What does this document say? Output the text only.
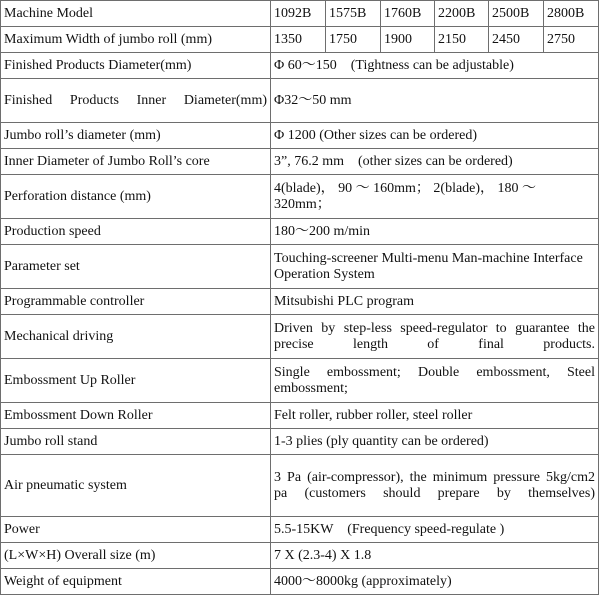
Machine Model	1092B	1575B	1760B	2200B	2500B	2800B
Maximum Width of jumbo roll (mm)	1350	1750	1900	2150	2450	2750
Finished Products Diameter(mm)	Φ 60～150　(Tightness can be adjustable)					
Finished Products Inner Diameter(mm)	Φ32～50 mm					
Jumbo roll’s diameter (mm)	Φ 1200 (Other sizes can be ordered)					
Inner Diameter of Jumbo Roll’s core	3”, 76.2 mm　(other sizes can be ordered)					
Perforation distance (mm)	4(blade)， 90 ～ 160mm； 2(blade)， 180 ～ 320mm；					
Production speed	180～200 m/min					
Parameter set	Touching-screener Multi-menu Man-machine Interface Operation System					
Programmable controller	Mitsubishi PLC program					
Mechanical driving	Driven by step-less speed-regulator to guarantee the precise length of final products.					
Embossment Up Roller	Single embossment; Double embossment, Steel embossment;					
Embossment Down Roller	Felt roller, rubber roller, steel roller					
Jumbo roll stand	1-3 plies (ply quantity can be ordered)					
Air pneumatic system	3 Pa (air-compressor), the minimum pressure 5kg/cm2 pa (customers should prepare by themselves)					
Power	5.5-15KW　(Frequency speed-regulate )					
(L×W×H) Overall size (m)	7 X (2.3-4) X 1.8					
Weight of equipment	4000～8000kg (approximately)					
